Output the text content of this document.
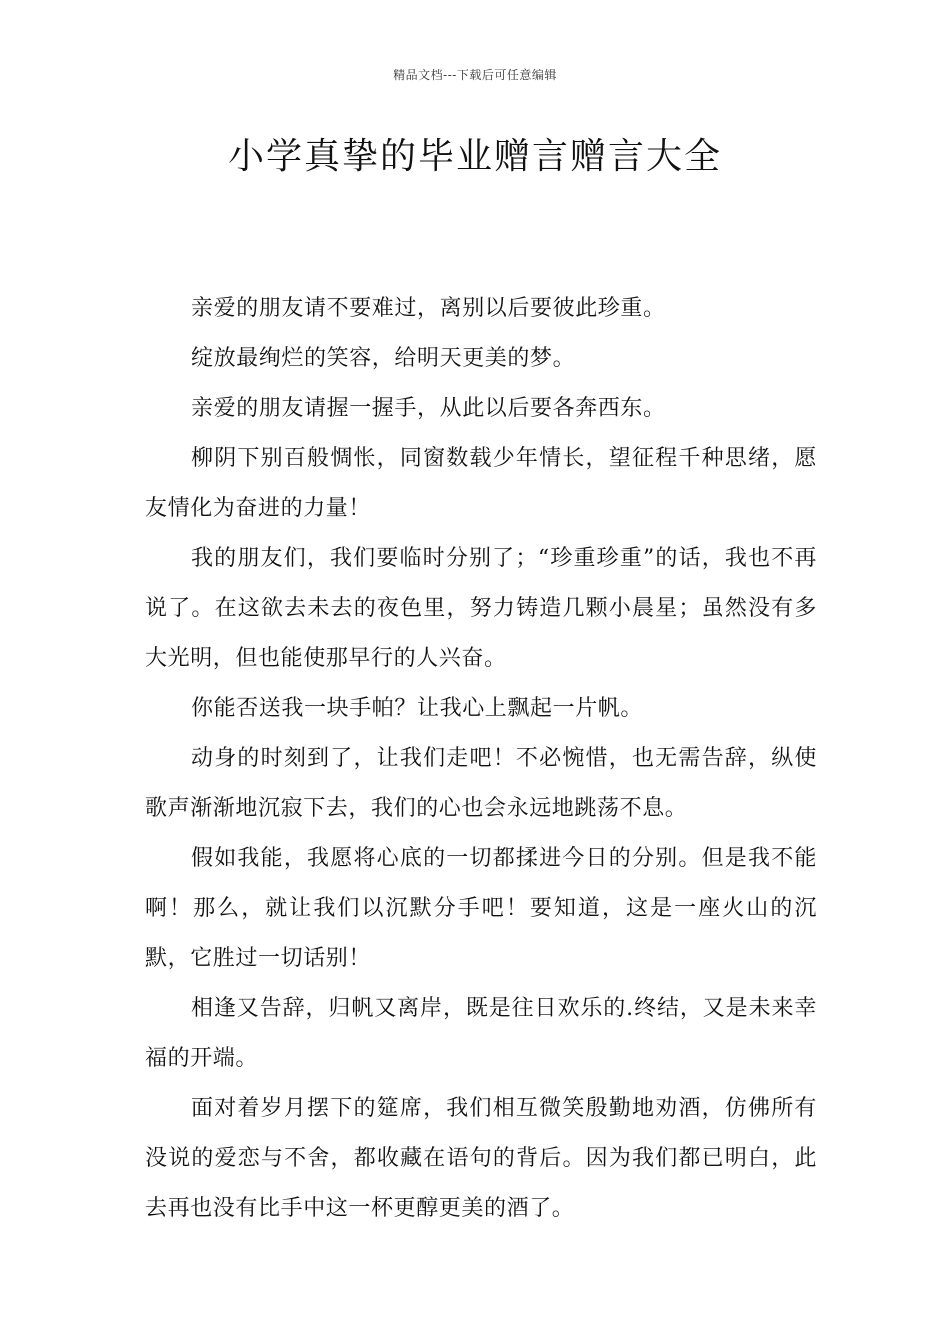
精品文档---下载后可任意编辑
小学真挚的毕业赠言赠言大全

亲爱的朋友请不要难过，离别以后要彼此珍重。

绽放最绚烂的笑容，给明天更美的梦。

亲爱的朋友请握一握手，从此以后要各奔西东。

柳阴下别百般惆怅，同窗数载少年情长，望征程千种思绪，愿友情化为奋进的力量！

我的朋友们，我们要临时分别了；“珍重珍重”的话，我也不再说了。在这欲去未去的夜色里，努力铸造几颗小晨星；虽然没有多大光明，但也能使那早行的人兴奋。

你能否送我一块手帕？让我心上飘起一片帆。

动身的时刻到了，让我们走吧！不必惋惜，也无需告辞，纵使歌声渐渐地沉寂下去，我们的心也会永远地跳荡不息。

假如我能，我愿将心底的一切都揉进今日的分别。但是我不能啊！那么，就让我们以沉默分手吧！要知道，这是一座火山的沉默，它胜过一切话别！

相逢又告辞，归帆又离岸，既是往日欢乐的.终结，又是未来幸福的开端。

面对着岁月摆下的筵席，我们相互微笑殷勤地劝酒，仿佛所有没说的爱恋与不舍，都收藏在语句的背后。因为我们都已明白，此去再也没有比手中这一杯更醇更美的酒了。
